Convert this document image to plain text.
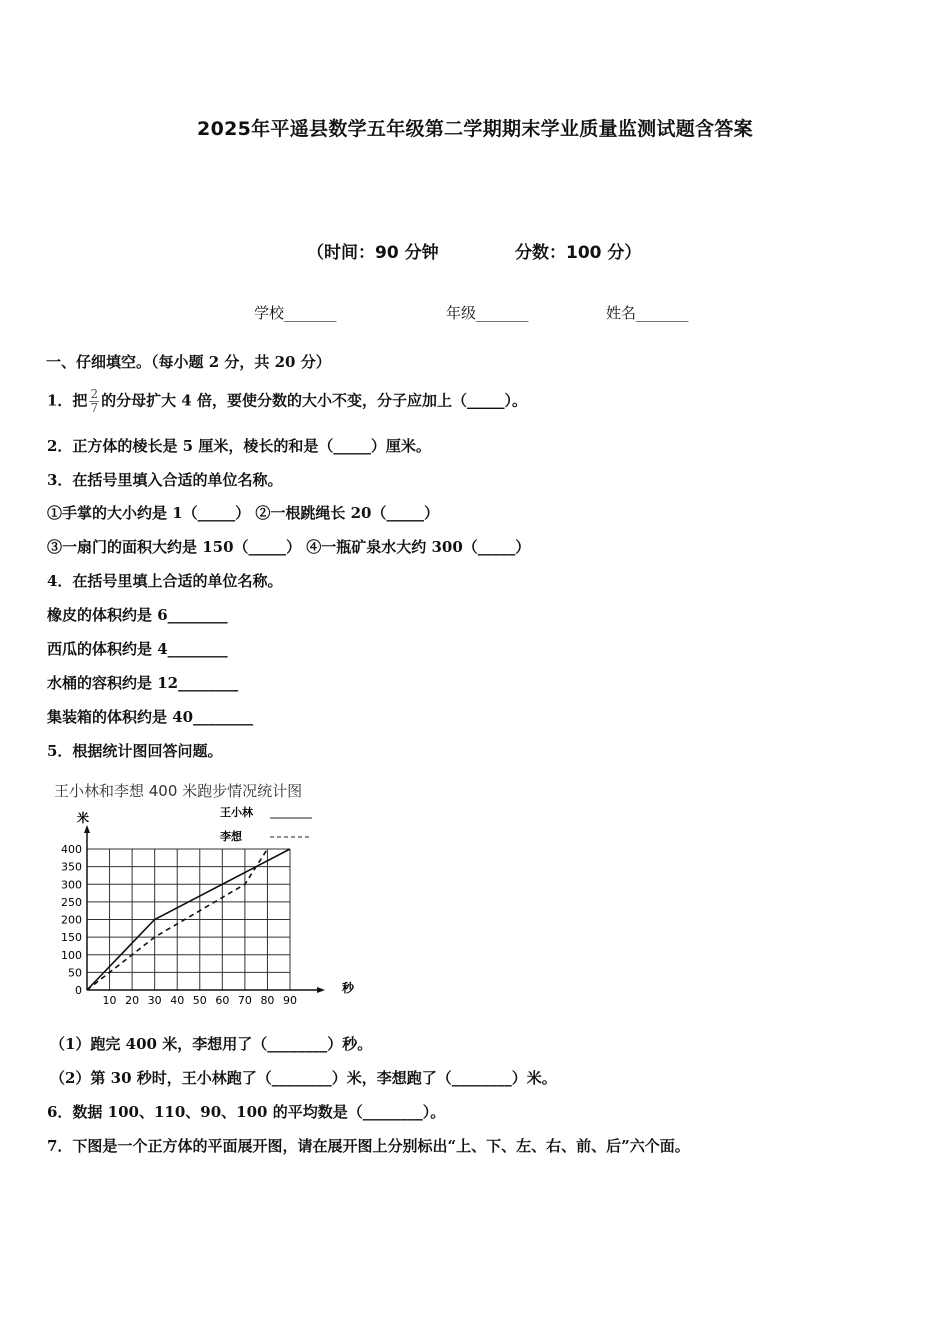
2025年平遥县数学五年级第二学期期末学业质量监测试题含答案
（时间：90 分钟	分数：100 分）
学校_______	年级_______	姓名_______
一、仔细填空。（每小题 2 分，共 20 分）
1．把 $\frac{2}{7}$ 的分母扩大 4 倍，要使分数的大小不变，分子应加上（_____）。
2．正方体的棱长是 5 厘米，棱长的和是（_____）厘米。
3．在括号里填入合适的单位名称。
①手掌的大小约是 1（_____） ②一根跳绳长 20（_____）
③一扇门的面积大约是 150（_____） ④一瓶矿泉水大约 300（_____）
4．在括号里填上合适的单位名称。
橡皮的体积约是 6________
西瓜的体积约是 4________
水桶的容积约是 12________
集装箱的体积约是 40________
5．根据统计图回答问题。
王小林和李想 400 米跑步情况统计图
米
秒
王小林
李想
0
50
100
150
200
250
300
350
400
10 20 30 40 50 60 70 80 90
（1）跑完 400 米，李想用了（________）秒。
（2）第 30 秒时，王小林跑了（________）米，李想跑了（________）米。
6．数据 100、110、90、100 的平均数是（________）。
7．下图是一个正方体的平面展开图，请在展开图上分别标出“上、下、左、右、前、后”六个面。
